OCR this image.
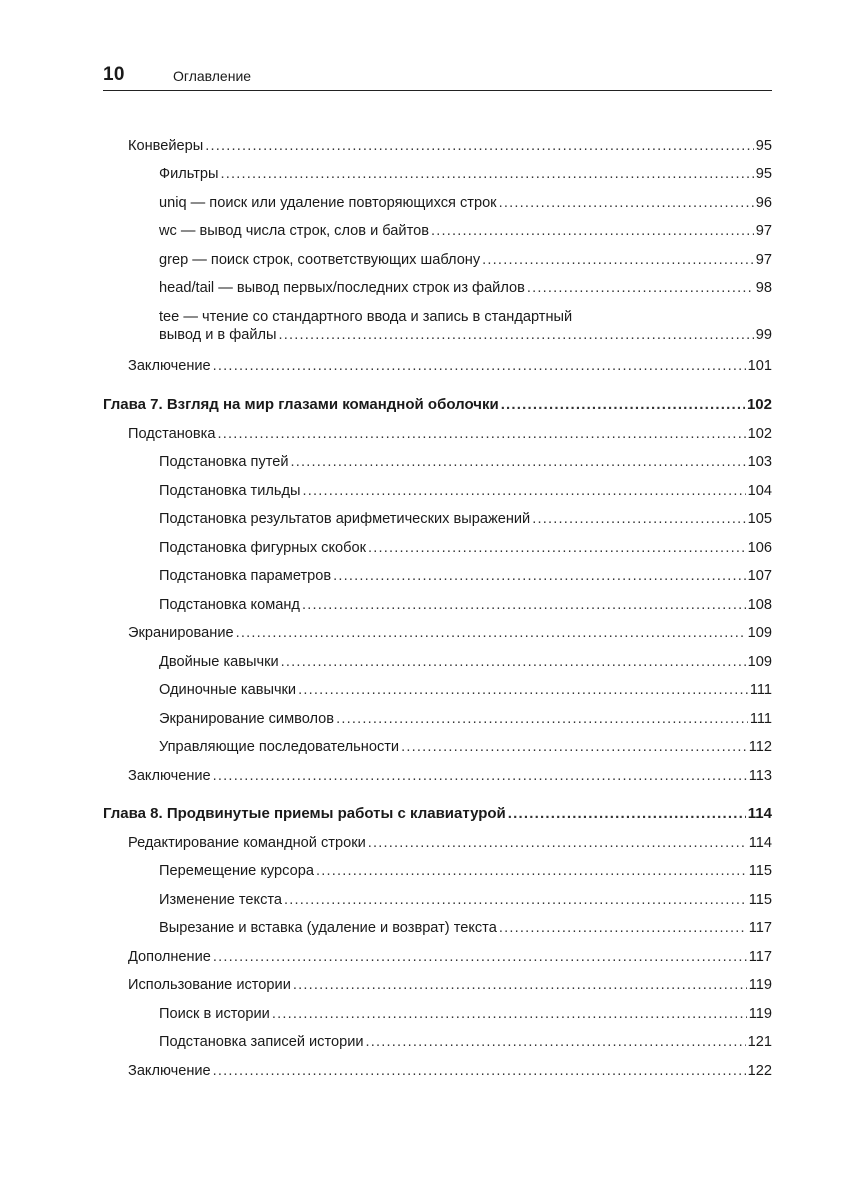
10	Оглавление
Конвейеры .....	95
Фильтры .....	95
uniq — поиск или удаление повторяющихся строк .....	96
wc — вывод числа строк, слов и байтов .....	97
grep — поиск строк, соответствующих шаблону .....	97
head/tail — вывод первых/последних строк из файлов .....	98
tee — чтение со стандартного ввода и запись в стандартный
вывод и в файлы .....	99
Заключение .....	101
Глава 7. Взгляд на мир глазами командной оболочки .....	102
Подстановка .....	102
Подстановка путей .....	103
Подстановка тильды .....	104
Подстановка результатов арифметических выражений .....	105
Подстановка фигурных скобок .....	106
Подстановка параметров .....	107
Подстановка команд .....	108
Экранирование .....	109
Двойные кавычки .....	109
Одиночные кавычки .....	111
Экранирование символов .....	111
Управляющие последовательности .....	112
Заключение .....	113
Глава 8. Продвинутые приемы работы с клавиатурой .....	114
Редактирование командной строки .....	114
Перемещение курсора .....	115
Изменение текста .....	115
Вырезание и вставка (удаление и возврат) текста .....	117
Дополнение .....	117
Использование истории .....	119
Поиск в истории .....	119
Подстановка записей истории .....	121
Заключение .....	122
